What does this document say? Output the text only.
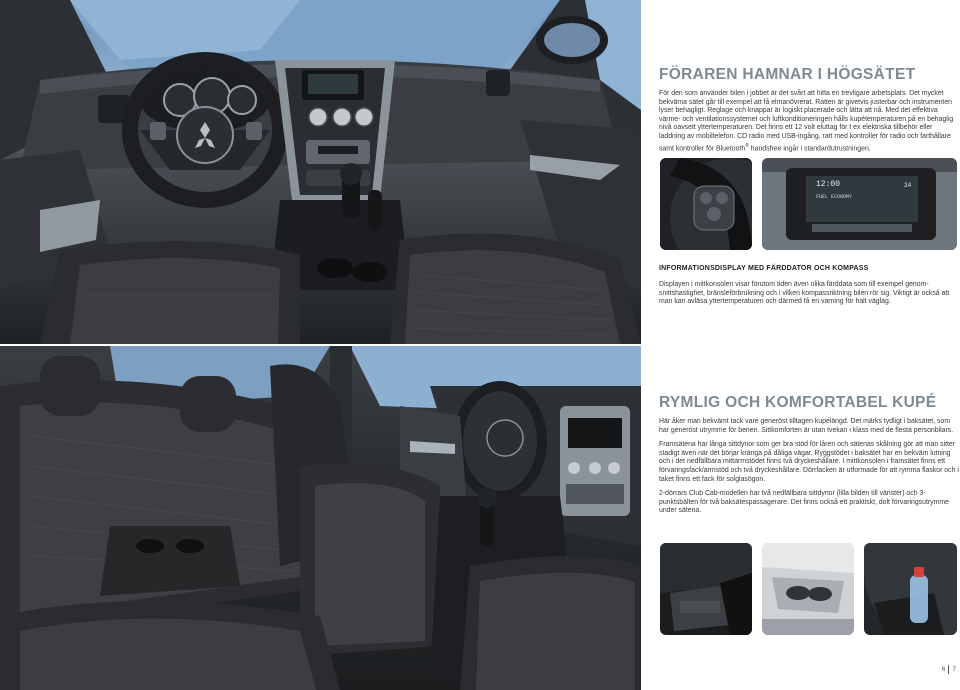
FÖRAREN HAMNAR I HÖGSÄTET

För den som använder bilen i jobbet är det svårt att hitta en trevligare arbetsplats. Det mycket bekväma sätet går till exempel att få elmanövrerat. Ratten är givetvis justerbar och instrumenten lyser behagligt. Reglage och knappar är logiskt placerade och lätta att nå. Med det effektiva värme- och ventilationssystemet och luftkonditioneringen hålls kupétemperaturen på en behaglig nivå oavsett yttertemperaturen. Det finns ett 12 volt eluttag för t ex elektriska tillbehör eller laddning av mobiltelefon. CD radio med USB-ingång, ratt med kontroller för radio och farthållare samt kontroller för Bluetooth® handsfree ingår i standardutrustningen.

12:00	24
FUEL ECONOMY
INFORMATIONSDISPLAY MED FÄRDDATOR OCH KOMPASS

Displayen i mittkonsolen visar förutom tiden även olika färddata som till exempel genomsnittshastighet, bränsleförbrukning och i vilken kompassriktning bilen rör sig. Viktigt är också att man kan avläsa yttertemperaturen och därmed få en varning för halt väglag.

RYMLIG OCH KOMFORTABEL KUPÉ

Här åker man bekvämt tack vare generöst tilltagen kupélängd. Det märks tydligt i baksätet, som har generöst utrymme för benen. Sittkomforten är utan tvekan i klass med de flesta personbilars.

Framsätena har långa sittdynor som ger bra stöd för låren och sätenas skålning gör att man sitter stadigt även när det börjar kränga på dåliga vägar. Ryggstödet i baksätet har en bekväm lutning och i det nedfällbara mittarmstödet finns två dryckeshållare. I mittkonsolen i framsätet finns ett förvaringsfack/armstöd och två dryckeshållare. Dörrfacken är utformade för att rymma flaskor och i taket finns ett fack för solglasögon.

2-dörrars Club Cab-modellen har två nedfällbara sittdynor (lilla bilden till vänster) och 3-punktsbälten för två baksätespassagerare. Det finns också ett praktiskt, dolt förvaringsutrymme under sätena.

6 7
